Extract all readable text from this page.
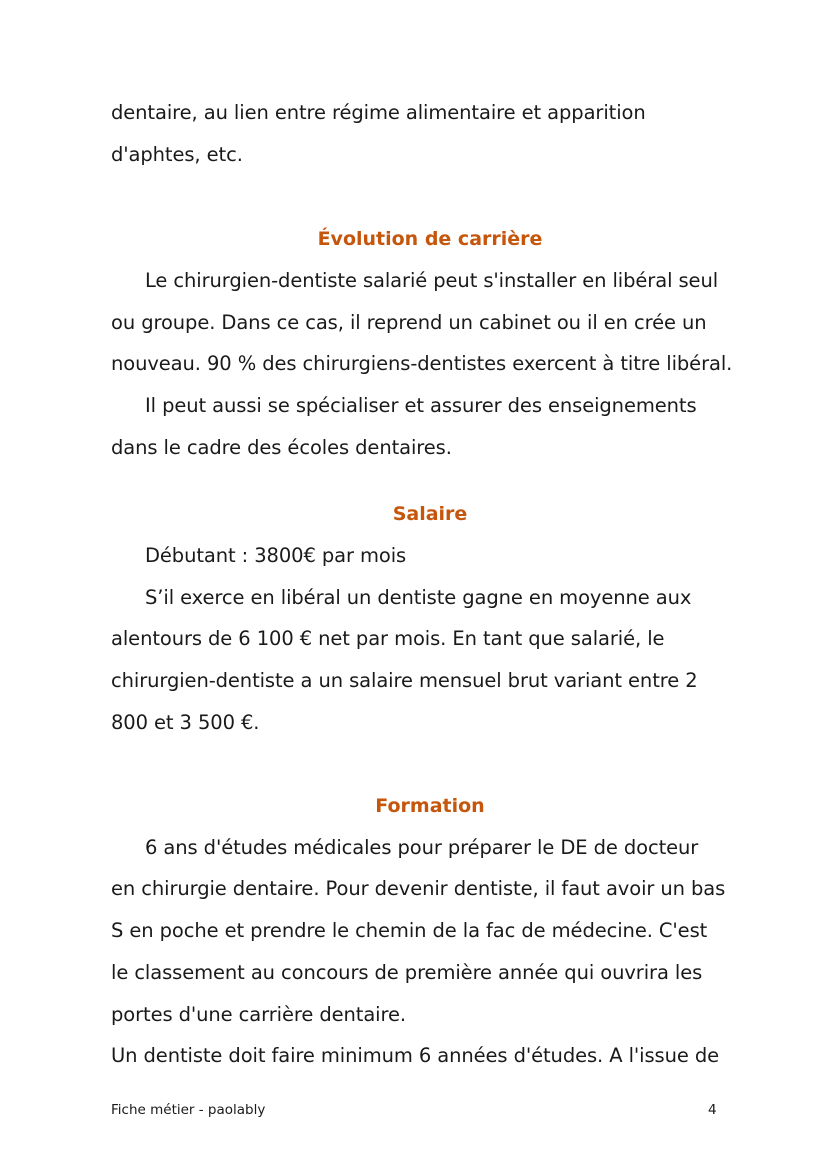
dentaire, au lien entre régime alimentaire et apparition
d'aphtes, etc.
Évolution de carrière
Le chirurgien-dentiste salarié peut s'installer en libéral seul
ou groupe. Dans ce cas, il reprend un cabinet ou il en crée un
nouveau. 90 % des chirurgiens-dentistes exercent à titre libéral.
Il peut aussi se spécialiser et assurer des enseignements
dans le cadre des écoles dentaires.
Salaire
Débutant : 3800€ par mois
S’il exerce en libéral un dentiste gagne en moyenne aux
alentours de 6 100 € net par mois. En tant que salarié, le
chirurgien-dentiste a un salaire mensuel brut variant entre 2
800 et 3 500 €.
Formation
6 ans d'études médicales pour préparer le DE de docteur
en chirurgie dentaire. Pour devenir dentiste, il faut avoir un bas
S en poche et prendre le chemin de la fac de médecine. C'est
le classement au concours de première année qui ouvrira les
portes d'une carrière dentaire.
Un dentiste doit faire minimum 6 années d'études. A l'issue de
Fiche métier - paolably	4
